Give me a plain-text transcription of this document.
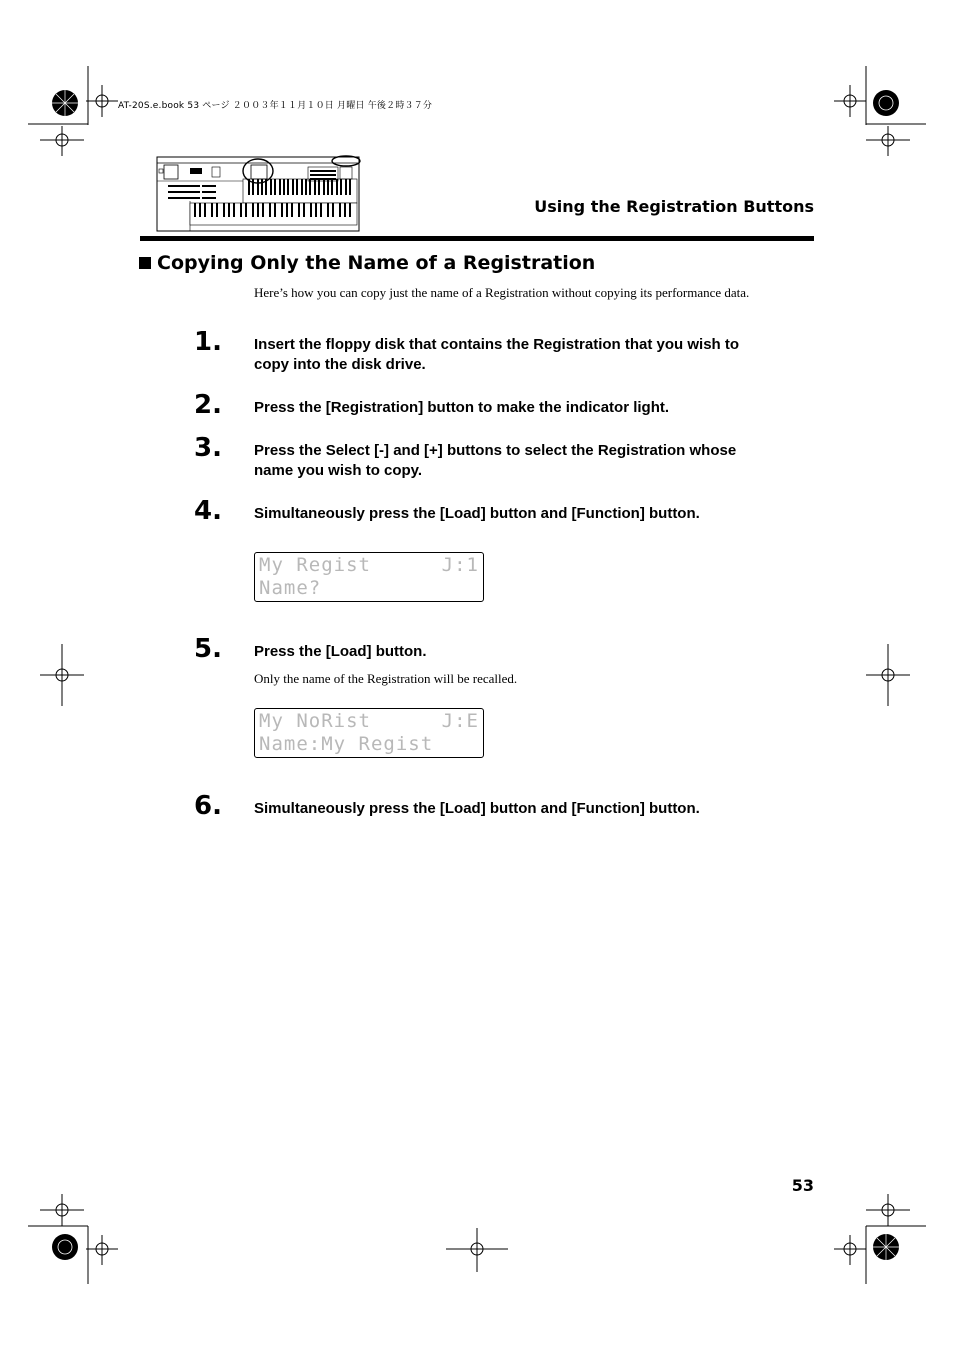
AT-20S.e.book 53 ページ ２００３年１１月１０日 月曜日 午後２時３７分
Using the Registration Buttons
Copying Only the Name of a Registration
Here’s how you can copy just the name of a Registration without copying its performance data.
1. Insert the floppy disk that contains the Registration that you wish to copy into the disk drive.
2. Press the [Registration] button to make the indicator light.
3. Press the Select [-] and [+] buttons to select the Registration whose name you wish to copy.
4. Simultaneously press the [Load] button and [Function] button.
My Regist	J:1
Name?
5. Press the [Load] button.
Only the name of the Registration will be recalled.
My NoRist	J:E
Name:My Regist
6. Simultaneously press the [Load] button and [Function] button.
53
